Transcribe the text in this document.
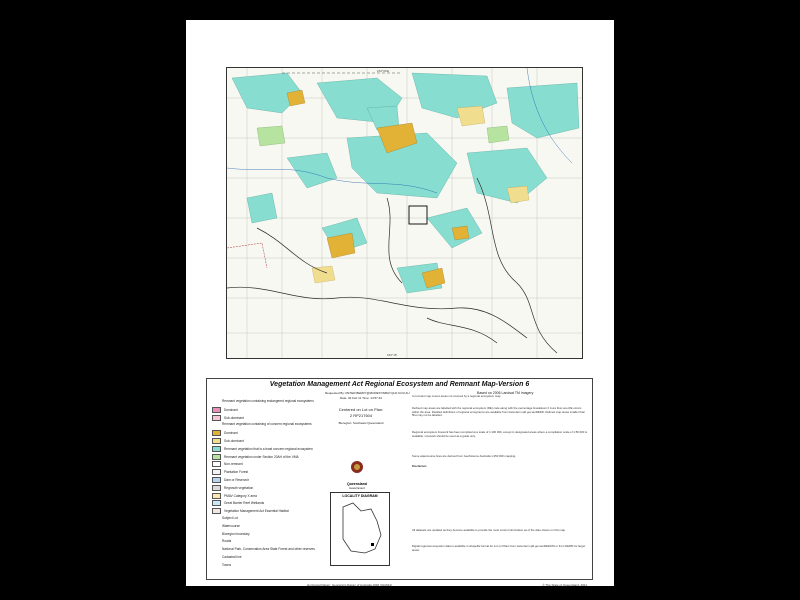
152°00'E
152°15'
Vegetation Management Act Regional Ecosystem and Remnant Map-Version 6
Based on 2006 Landsat TM imagery
Remnant vegetation containing endangered regional ecosystems
Dominant
Sub-dominant
Remnant vegetation containing of concern regional ecosystems
Dominant
Sub-dominant
Remnant vegetation that is a least concern regional ecosystem
Remnant vegetation under Section 20AH of the VMA
Non-remnant
Plantation Forest
Dam or Reservoir
Regrowth vegetation
PMAV Category X area
Great Barrier Reef Wetlands
Vegetation Management Act Essential Habitat
Subject Lot
Watercourse
Bioregion boundary
Roads
National Park, Conservation Area State Forest and other reserves
Cadastral line
Towns
Requested By: PETER.BERRY@MORETONBAY.QLD.GOV.AU
Date: 02 Feb 11 Time: 14:57:43
Centered on Lot on Plan:
2 RP217604
Bioregion: Southeast Queensland
Queensland
Government
LOCALITY DIAGRAM
A remnant map covers areas not covered by a regional ecosystem map.
Defined map areas are labelled with the regional ecosystem (RE) code along with the percentage breakdown if more than one RE occurs within the area. Detailed definitions of regional ecosystems are available from www.derm.qld.gov.au/REDD. Defined map areas smaller than 5ha may not be labelled.
Regional ecosystem linework has been compiled at a scale of 1:100 000, except in designated areas where a compilation scale of 1:50 000 is available. Linework should be used as a guide only.
Some watercourse lines are derived from GeoScience Australia 1:250 000 mapping.
Disclaimer:
All datasets are updated as they become available to provide the most current information as of the date shown on this map.
Digital regional ecosystem data is available in shapefile format for Lot on Plans from www.derm.qld.gov.au/REDATA or from DERM for larger areas.
Horizontal Datum: Geocentric Datum of Australia 1994 (GDA94)	© The State of Queensland, 2011
